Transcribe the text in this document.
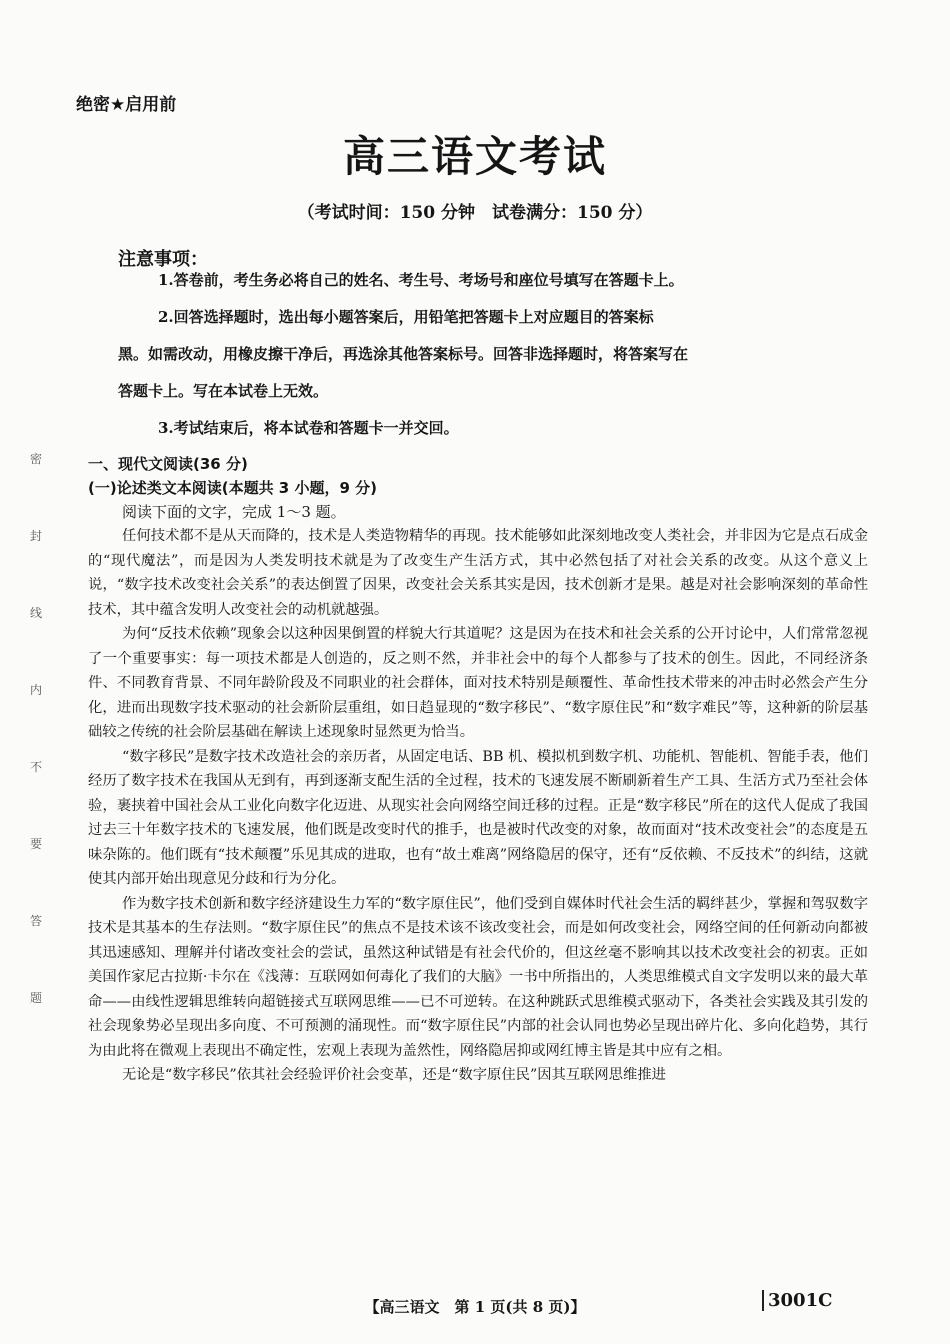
绝密★启用前
高三语文考试
（考试时间：150 分钟　试卷满分：150 分）
注意事项：

1.答卷前，考生务必将自己的姓名、考生号、考场号和座位号填写在答题卡上。

2.回答选择题时，选出每小题答案后，用铅笔把答题卡上对应题目的答案标

黑。如需改动，用橡皮擦干净后，再选涂其他答案标号。回答非选择题时，将答案写在

答题卡上。写在本试卷上无效。

3.考试结束后，将本试卷和答题卡一并交回。

密
封
线
内
不
要
答
题
一、现代文阅读(36 分)
(一)论述类文本阅读(本题共 3 小题，9 分)

阅读下面的文字，完成 1～3 题。

任何技术都不是从天而降的，技术是人类造物精华的再现。技术能够如此深刻地改变人类社会，并非因为它是点石成金的“现代魔法”，而是因为人类发明技术就是为了改变生产生活方式，其中必然包括了对社会关系的改变。从这个意义上说，“数字技术改变社会关系”的表达倒置了因果，改变社会关系其实是因，技术创新才是果。越是对社会影响深刻的革命性技术，其中蕴含发明人改变社会的动机就越强。

为何“反技术依赖”现象会以这种因果倒置的样貌大行其道呢？这是因为在技术和社会关系的公开讨论中，人们常常忽视了一个重要事实：每一项技术都是人创造的，反之则不然，并非社会中的每个人都参与了技术的创生。因此，不同经济条件、不同教育背景、不同年龄阶段及不同职业的社会群体，面对技术特别是颠覆性、革命性技术带来的冲击时必然会产生分化，进而出现数字技术驱动的社会新阶层重组，如日趋显现的“数字移民”、“数字原住民”和“数字难民”等，这种新的阶层基础较之传统的社会阶层基础在解读上述现象时显然更为恰当。

“数字移民”是数字技术改造社会的亲历者，从固定电话、BB 机、模拟机到数字机、功能机、智能机、智能手表，他们经历了数字技术在我国从无到有，再到逐渐支配生活的全过程，技术的飞速发展不断刷新着生产工具、生活方式乃至社会体验，裹挟着中国社会从工业化向数字化迈进、从现实社会向网络空间迁移的过程。正是“数字移民”所在的这代人促成了我国过去三十年数字技术的飞速发展，他们既是改变时代的推手，也是被时代改变的对象，故而面对“技术改变社会”的态度是五味杂陈的。他们既有“技术颠覆”乐见其成的进取，也有“故土难离”网络隐居的保守，还有“反依赖、不反技术”的纠结，这就使其内部开始出现意见分歧和行为分化。

作为数字技术创新和数字经济建设生力军的“数字原住民”，他们受到自媒体时代社会生活的羁绊甚少，掌握和驾驭数字技术是其基本的生存法则。“数字原住民”的焦点不是技术该不该改变社会，而是如何改变社会，网络空间的任何新动向都被其迅速感知、理解并付诸改变社会的尝试，虽然这种试错是有社会代价的，但这丝毫不影响其以技术改变社会的初衷。正如美国作家尼古拉斯·卡尔在《浅薄：互联网如何毒化了我们的大脑》一书中所指出的，人类思维模式自文字发明以来的最大革命——由线性逻辑思维转向超链接式互联网思维——已不可逆转。在这种跳跃式思维模式驱动下，各类社会实践及其引发的社会现象势必呈现出多向度、不可预测的涌现性。而“数字原住民”内部的社会认同也势必呈现出碎片化、多向化趋势，其行为由此将在微观上表现出不确定性，宏观上表现为盖然性，网络隐居抑或网红博主皆是其中应有之相。

无论是“数字移民”依其社会经验评价社会变革，还是“数字原住民”因其互联网思维推进

【高三语文　第 1 页(共 8 页)】	3001C
